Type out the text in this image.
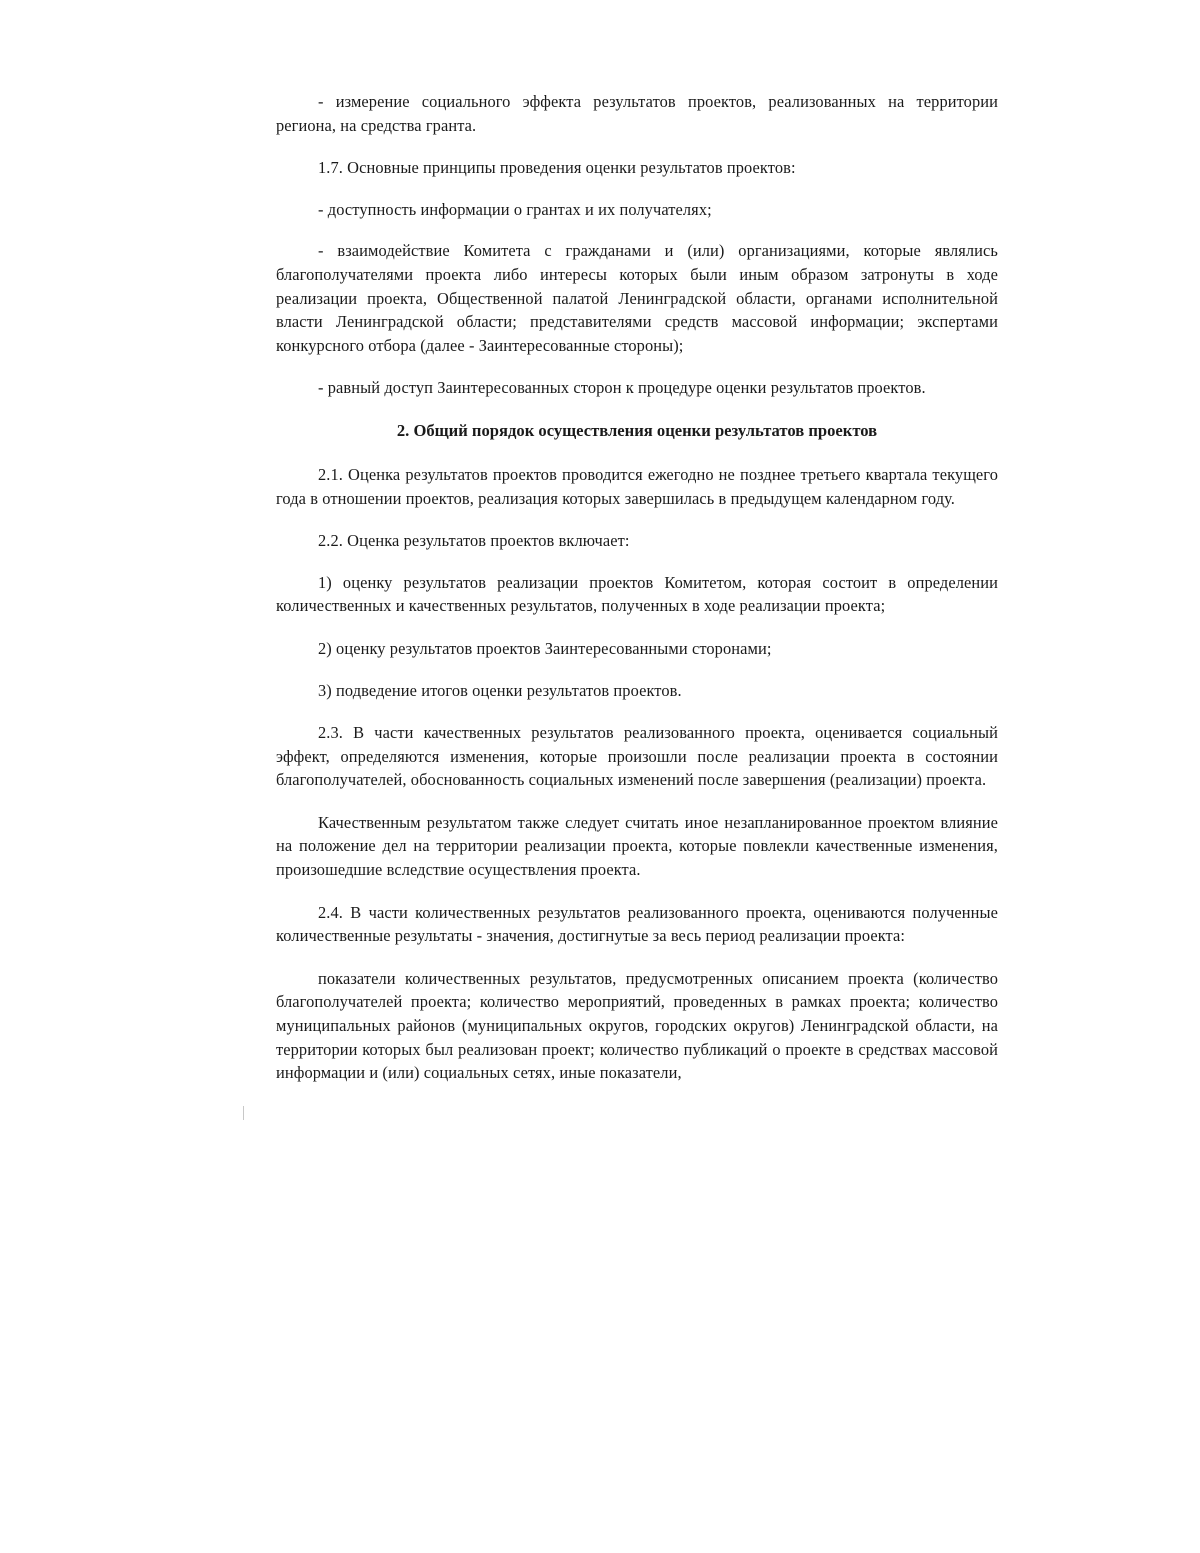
- измерение социального эффекта результатов проектов, реализованных на территории региона, на средства гранта.

1.7. Основные принципы проведения оценки результатов проектов:

- доступность информации о грантах и их получателях;

- взаимодействие Комитета с гражданами и (или) организациями, которые являлись благополучателями проекта либо интересы которых были иным образом затронуты в ходе реализации проекта, Общественной палатой Ленинградской области, органами исполнительной власти Ленинградской области; представителями средств массовой информации; экспертами конкурсного отбора (далее - Заинтересованные стороны);

- равный доступ Заинтересованных сторон к процедуре оценки результатов проектов.

2. Общий порядок осуществления оценки результатов проектов

2.1. Оценка результатов проектов проводится ежегодно не позднее третьего квартала текущего года в отношении проектов, реализация которых завершилась в предыдущем календарном году.

2.2. Оценка результатов проектов включает:

1) оценку результатов реализации проектов Комитетом, которая состоит в определении количественных и качественных результатов, полученных в ходе реализации проекта;

2) оценку результатов проектов Заинтересованными сторонами;

3) подведение итогов оценки результатов проектов.

2.3. В части качественных результатов реализованного проекта, оценивается социальный эффект, определяются изменения, которые произошли после реализации проекта в состоянии благополучателей, обоснованность социальных изменений после завершения (реализации) проекта.

Качественным результатом также следует считать иное незапланированное проектом влияние на положение дел на территории реализации проекта, которые повлекли качественные изменения, произошедшие вследствие осуществления проекта.

2.4. В части количественных результатов реализованного проекта, оцениваются полученные количественные результаты - значения, достигнутые за весь период реализации проекта:

показатели количественных результатов, предусмотренных описанием проекта (количество благополучателей проекта; количество мероприятий, проведенных в рамках проекта; количество муниципальных районов (муниципальных округов, городских округов) Ленинградской области, на территории которых был реализован проект; количество публикаций о проекте в средствах массовой информации и (или) социальных сетях, иные показатели,
